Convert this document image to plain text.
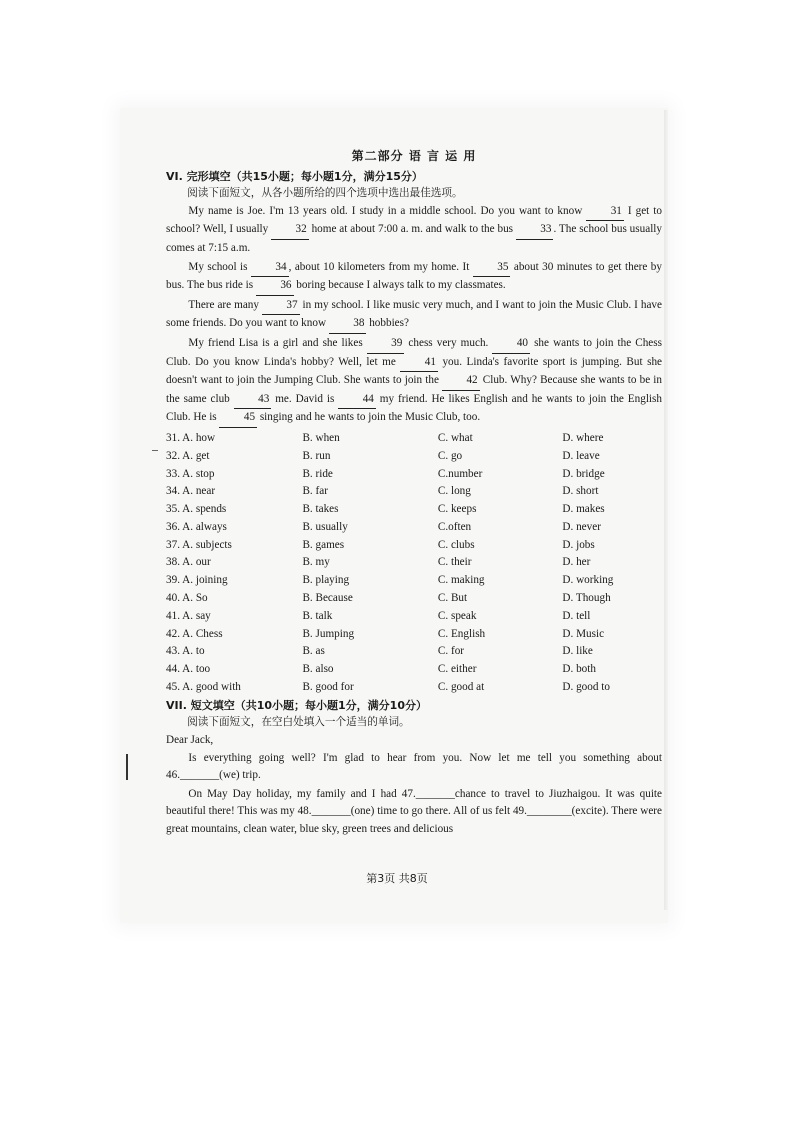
第二部分 语 言 运 用
VI. 完形填空（共15小题；每小题1分，满分15分）
阅读下面短文，从各小题所给的四个选项中选出最佳选项。

My name is Joe. I'm 13 years old. I study in a middle school. Do you want to know 31 I get to school? Well, I usually 32 home at about 7:00 a. m. and walk to the bus 33 . The school bus usually comes at 7:15 a.m.

My school is 34 , about 10 kilometers from my home. It 35 about 30 minutes to get there by bus. The bus ride is 36 boring because I always talk to my classmates.

There are many 37 in my school. I like music very much, and I want to join the Music Club. I have some friends. Do you want to know 38 hobbies?

My friend Lisa is a girl and she likes 39 chess very much. 40 she wants to join the Chess Club. Do you know Linda's hobby? Well, let me 41 you. Linda's favorite sport is jumping. But she doesn't want to join the Jumping Club. She wants to join the 42 Club. Why? Because she wants to be in the same club 43 me. David is 44 my friend. He likes English and he wants to join the English Club. He is 45 singing and he wants to join the Music Club, too.

31. A. how	B. when	C. what	D. where
32. A. get	B. run	C. go	D. leave
33. A. stop	B. ride	C.number	D. bridge
34. A. near	B. far	C. long	D. short
35. A. spends	B. takes	C. keeps	D. makes
36. A. always	B. usually	C.often	D. never
37. A. subjects	B. games	C. clubs	D. jobs
38. A. our	B. my	C. their	D. her
39. A. joining	B. playing	C. making	D. working
40. A. So	B. Because	C. But	D. Though
41. A. say	B. talk	C. speak	D. tell
42. A. Chess	B. Jumping	C. English	D. Music
43. A. to	B. as	C. for	D. like
44. A. too	B. also	C. either	D. both
45. A. good with	B. good for	C. good at	D. good to
VII. 短文填空（共10小题；每小题1分，满分10分）
阅读下面短文，在空白处填入一个适当的单词。
Dear Jack,

Is everything going well? I'm glad to hear from you. Now let me tell you something about 46._______(we) trip.

On May Day holiday, my family and I had 47._______chance to travel to Jiuzhaigou. It was quite beautiful there! This was my 48._______(one) time to go there. All of us felt 49.________(excite). There were great mountains, clean water, blue sky, green trees and delicious

第3页 共8页
